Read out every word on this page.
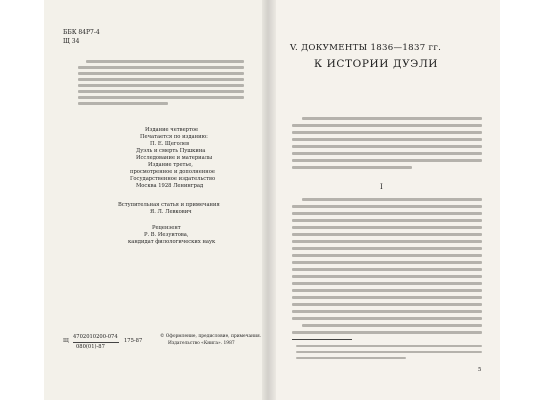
ББК 84Р7-4
Щ 34
Издание четвертое
Печатается по изданию:
П. Е. Щеголев
Дуэль и смерть Пушкина
Исследование и материалы
Издание третье,
просмотренное и дополненное
Государственное издательство
Москва 1928 Ленинград
Вступительная статья и примечания
Я. Л. Левкович
Рецензент
Р. В. Иезуитова,
кандидат филологических наук
Щ
4702010200-074
080(01)-87
175-87
© Оформление, предисловие, примечания.
Издательство «Книга». 1987
V. ДОКУМЕНТЫ 1836—1837 гг.
К ИСТОРИИ ДУЭЛИ
I
5
